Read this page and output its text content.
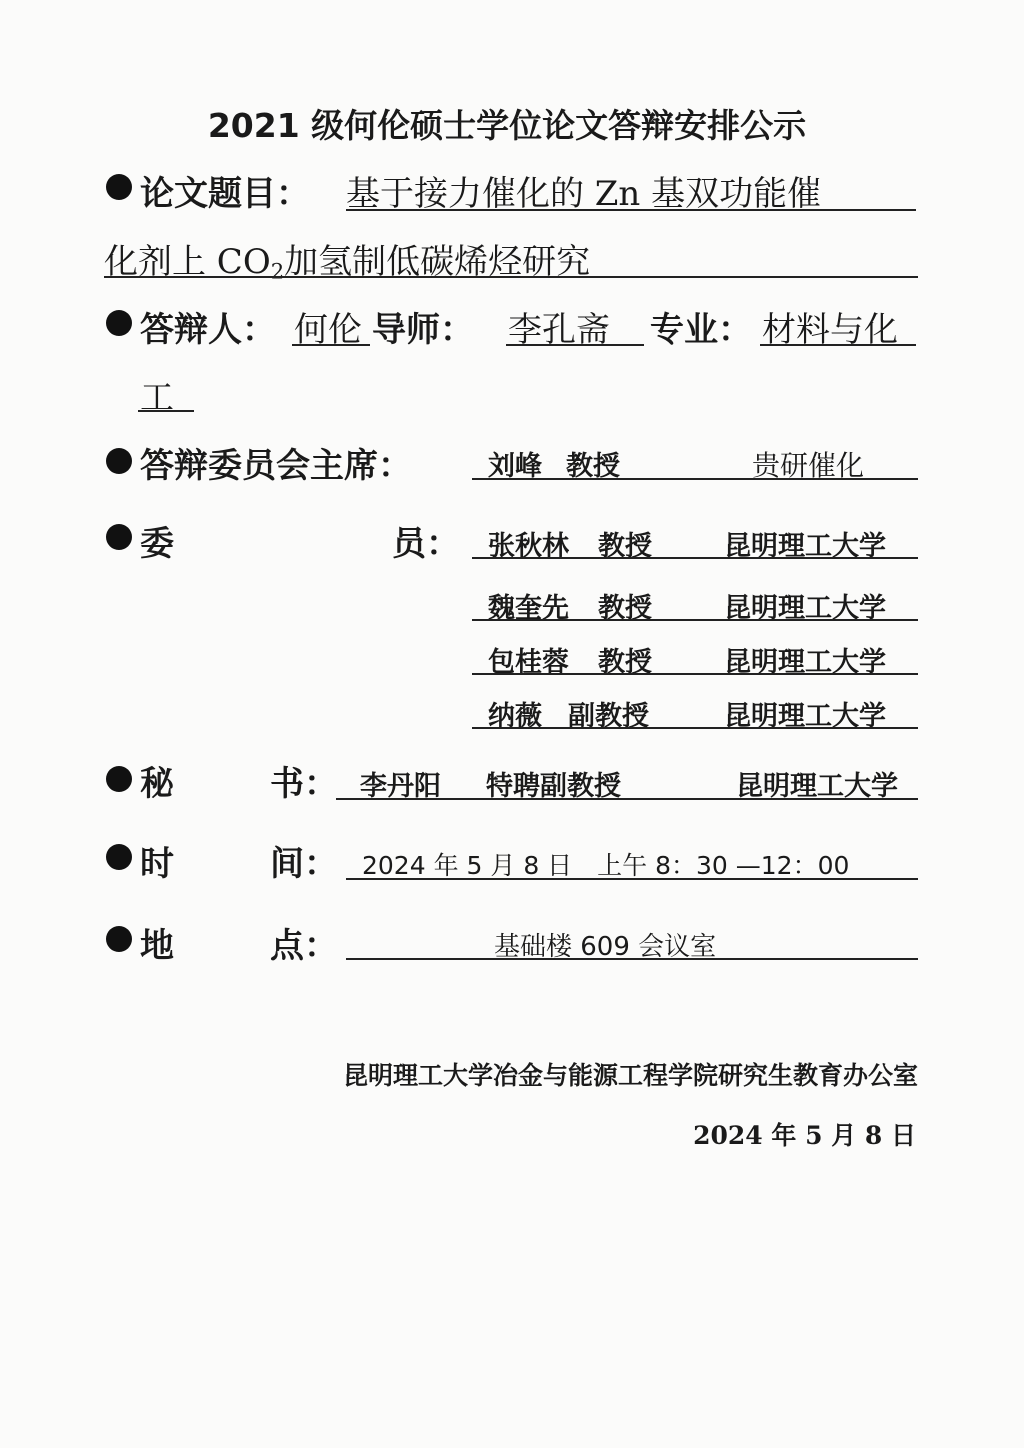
2021 级何伦硕士学位论文答辩安排公示
论文题目： 基于接力催化的 Zn 基双功能催
化剂上 $CO_2$加氢制低碳烯烃研究
答辩人： 何伦 导师： 李孔斋 专业： 材料与化
工
答辩委员会主席：	刘峰 教授	贵研催化
委	员： 张秋林 教授	昆明理工大学
魏奎先 教授	昆明理工大学
包桂蓉 教授	昆明理工大学
纳薇 副教授	昆明理工大学
秘	书： 李丹阳 特聘副教授	昆明理工大学
时	间： 2024 年 5 月 8 日　上午 8：30 —12：00
地	点：	基础楼 609 会议室
昆明理工大学冶金与能源工程学院研究生教育办公室
2024 年 5 月 8 日
